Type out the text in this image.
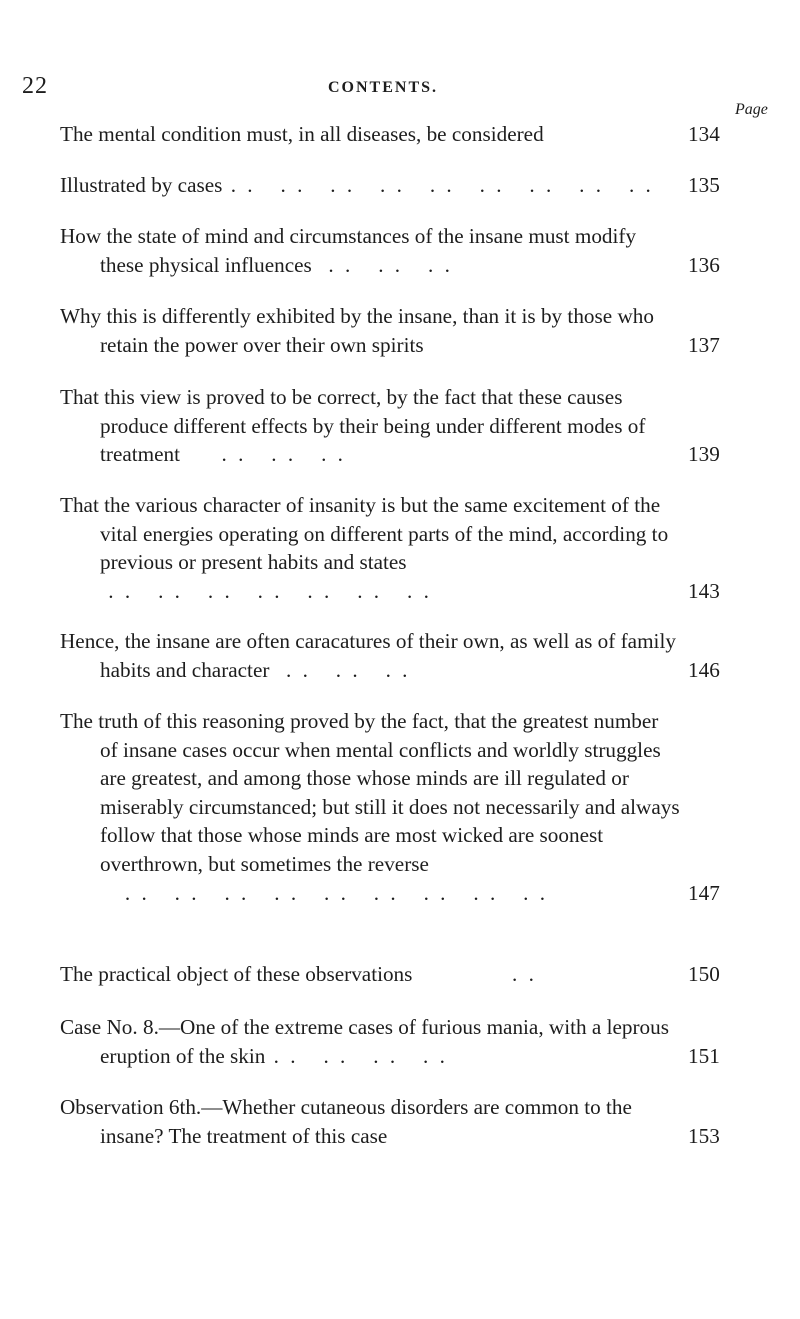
22	CONTENTS.
Page
The mental condition must, in all diseases, be considered	134
Illustrated by cases . .   . .   . .   . .   . .   . .   . .   . .   . .	135
How the state of mind and circumstances of the insane must modify these physical influences  . .   . .   . .	136
Why this is differently exhibited by the insane, than it is by those who retain the power over their own spirits	137
That this view is proved to be correct, by the fact that these causes produce different effects by their being under different modes of treatment     . .   . .   . .	139
That the various character of insanity is but the same excitement of the vital energies operating on different parts of the mind, according to previous or present habits and states . .   . .   . .   . .   . .   . .   . .	143
Hence, the insane are often caracatures of their own, as well as of family habits and character  . .   . .   . .	146
The truth of this reasoning proved by the fact, that the greatest number of insane cases occur when mental conflicts and worldly struggles are greatest, and among those whose minds are ill regulated or miserably circumstanced; but still it does not necessarily and always follow that those whose minds are most wicked are soonest overthrown, but sometimes the reverse   . .   . .   . .   . .   . .   . .   . .   . .   . .	147
The practical object of these observations            . .	150
Case No. 8.—One of the extreme cases of furious mania, with a leprous eruption of the skin . .   . .   . .   . .	151
Observation 6th.—Whether cutaneous disorders are common to the insane? The treatment of this case	153
